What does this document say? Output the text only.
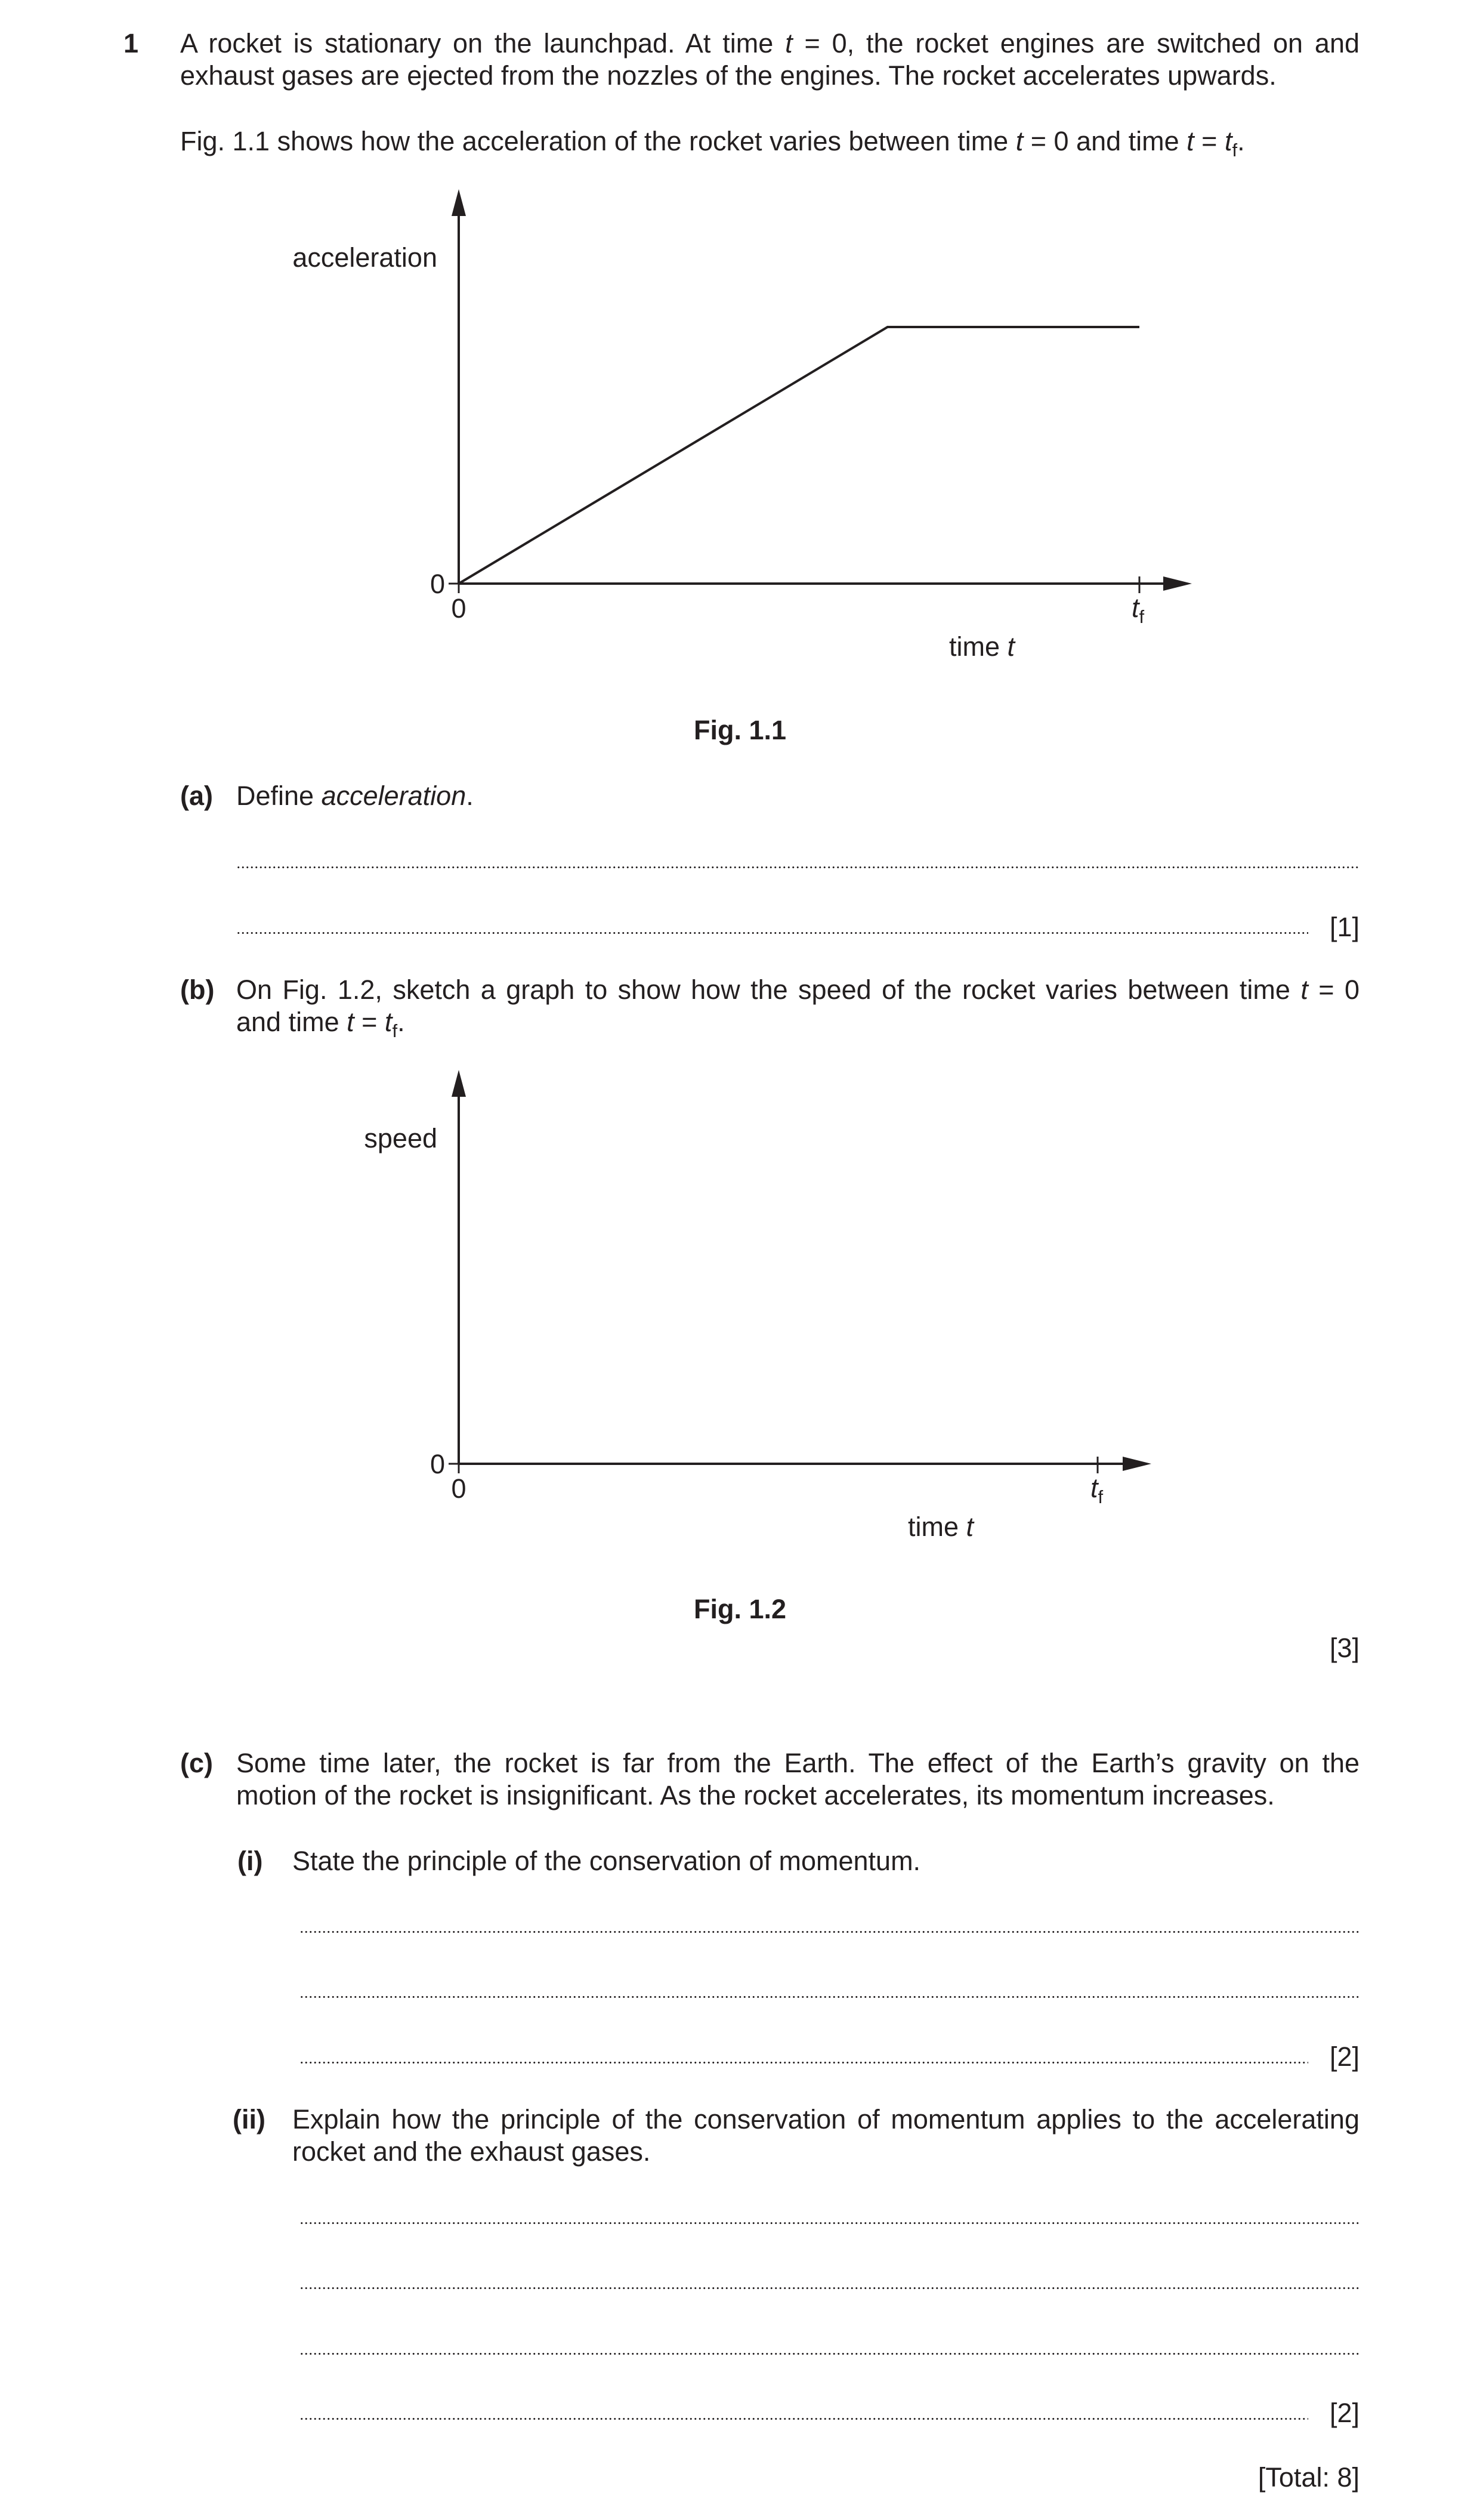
1 A rocket is stationary on the launchpad. At time t = 0, the rocket engines are switched on and
exhaust gases are ejected from the nozzles of the engines. The rocket accelerates upwards.
Fig. 1.1 shows how the acceleration of the rocket varies between time t = 0 and time $t = t_f$.
acceleration
0
0	$t_f$
time t
Fig. 1.1
(a) Define acceleration.
[1]
(b) On Fig. 1.2, sketch a graph to show how the speed of the rocket varies between time t = 0
and time $t = t_f$.
speed
0
0	$t_f$
time t
Fig. 1.2
[3]
(c) Some time later, the rocket is far from the Earth. The effect of the Earth’s gravity on the
motion of the rocket is insignificant. As the rocket accelerates, its momentum increases.
(i) State the principle of the conservation of momentum.
[2]
(ii) Explain how the principle of the conservation of momentum applies to the accelerating
rocket and the exhaust gases.
[2]
[Total: 8]
